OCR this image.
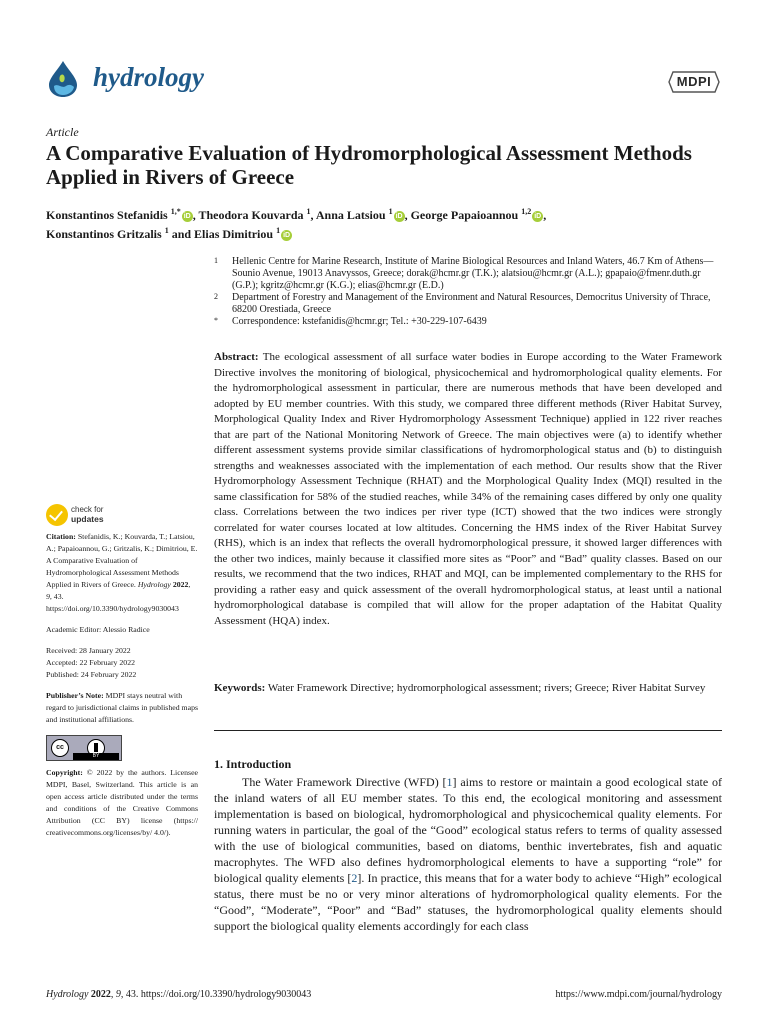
hydrology	MDPI
Article
A Comparative Evaluation of Hydromorphological Assessment Methods Applied in Rivers of Greece
Konstantinos Stefanidis $^{1,*}$iD , Theodora Kouvarda $^1$, Anna Latsiou $^1$iD , George Papaioannou $^{1,2}$iD ,
Konstantinos Gritzalis $^1$ and Elias Dimitriou $^1$iD
1 Hellenic Centre for Marine Research, Institute of Marine Biological Resources and Inland Waters, 46.7 Km of Athens—Sounio Avenue, 19013 Anavyssos, Greece; dorak@hcmr.gr (T.K.); alatsiou@hcmr.gr (A.L.); gpapaio@fmenr.duth.gr (G.P.); kgritz@hcmr.gr (K.G.); elias@hcmr.gr (E.D.)
2 Department of Forestry and Management of the Environment and Natural Resources, Democritus University of Thrace, 68200 Orestiada, Greece
* Correspondence: kstefanidis@hcmr.gr; Tel.: +30-229-107-6439
Abstract: The ecological assessment of all surface water bodies in Europe according to the Water Framework Directive involves the monitoring of biological, physicochemical and hydromorphological quality elements. For the hydromorphological assessment in particular, there are numerous methods that have been developed and adopted by EU member countries. With this study, we compared three different methods (River Habitat Survey, Morphological Quality Index and River Hydromorphology Assessment Technique) applied in 122 river reaches that are part of the National Monitoring Network of Greece. The main objectives were (a) to identify whether different assessment systems provide similar classifications of hydromorphological status and (b) to distinguish strengths and weaknesses associated with the implementation of each method. Our results show that the River Hydromorphology Assessment Technique (RHAT) and the Morphological Quality Index (MQI) resulted in the same classification for 58% of the studied reaches, while 34% of the remaining cases differed by only one quality class. Correlations between the two indices per river type (ICT) showed that the two indices were strongly correlated for water courses located at low altitudes. Concerning the HMS index of the River Habitat Survey (RHS), which is an index that reflects the overall hydromorphological pressure, it showed larger differences with the other two indices, mainly because it classified more sites as “Poor” and “Bad” quality classes. Based on our results, we recommend that the two indices, RHAT and MQI, can be implemented complementary to the RHS for providing a rather easy and quick assessment of the overall hydromorphological status, at least until a national hydromorphological database is compiled that will allow for the proper adaptation of the Habitat Quality Assessment (HQA) index.
Keywords: Water Framework Directive; hydromorphological assessment; rivers; Greece; River Habitat Survey
check for
updates

Citation: Stefanidis, K.; Kouvarda, T.; Latsiou, A.; Papaioannou, G.; Gritzalis, K.; Dimitriou, E. A Comparative Evaluation of Hydromorphological Assessment Methods Applied in Rivers of Greece. Hydrology 2022, 9, 43. https://doi.org/10.3390/hydrology9030043

Academic Editor: Alessio Radice

Received: 28 January 2022
Accepted: 22 February 2022
Published: 24 February 2022

Publisher’s Note: MDPI stays neutral with regard to jurisdictional claims in published maps and institutional affiliations.

cc
BY

Copyright: © 2022 by the authors. Licensee MDPI, Basel, Switzerland. This article is an open access article distributed under the terms and conditions of the Creative Commons Attribution (CC BY) license (https:// creativecommons.org/licenses/by/ 4.0/).

1. Introduction
The Water Framework Directive (WFD) [1] aims to restore or maintain a good ecological state of the inland waters of all EU member states. To this end, the ecological monitoring and assessment implementation is based on biological, hydromorphological and physicochemical quality elements. For running waters in particular, the goal of the “Good” ecological status refers to terms of quality assessed with the use of biological communities, based on diatoms, benthic invertebrates, fish and aquatic macrophytes. The WFD also defines hydromorphological elements to have a supporting “role” for biological quality elements [2]. In practice, this means that for a water body to achieve “High” ecological status, there must be no or very minor alterations of hydromorphological quality elements. For the “Good”, “Moderate”, “Poor” and “Bad” statuses, the hydromorphological quality elements should support the biological quality elements accordingly for each class
Hydrology 2022, 9, 43. https://doi.org/10.3390/hydrology9030043	https://www.mdpi.com/journal/hydrology
